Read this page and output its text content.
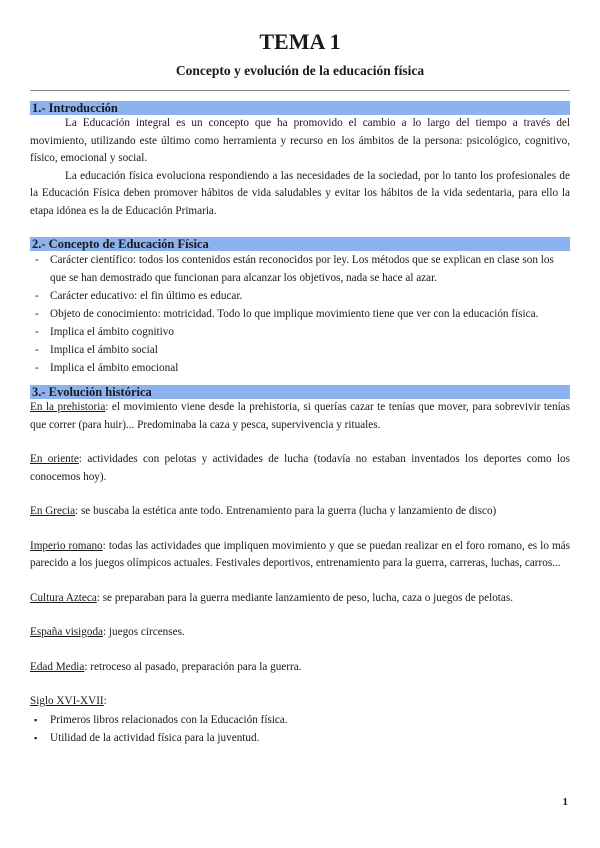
TEMA 1
Concepto y evolución de la educación física
1.- Introducción

La Educación integral es un concepto que ha promovido el cambio a lo largo del tiempo a través del movimiento, utilizando este último como herramienta y recurso en los ámbitos de la persona: psicológico, cognitivo, físico, emocional y social.

La educación física evoluciona respondiendo a las necesidades de la sociedad, por lo tanto los profesionales de la Educación Física deben promover hábitos de vida saludables y evitar los hábitos de la vida sedentaria, para ello la etapa idónea es la de Educación Primaria.

2.- Concepto de Educación Física
- Carácter científico: todos los contenidos están reconocidos por ley. Los métodos que se explican en clase son los que se han demostrado que funcionan para alcanzar los objetivos, nada se hace al azar.
- Carácter educativo: el fin último es educar.
- Objeto de conocimiento: motricidad. Todo lo que implique movimiento tiene que ver con la educación física.
- Implica el ámbito cognitivo
- Implica el ámbito social
- Implica el ámbito emocional
3.- Evolución histórica

En la prehistoria: el movimiento viene desde la prehistoria, si querías cazar te tenías que mover, para sobrevivir tenías que correr (para huir)... Predominaba la caza y pesca, supervivencia y rituales.

En oriente: actividades con pelotas y actividades de lucha (todavía no estaban inventados los deportes como los conocemos hoy).

En Grecia: se buscaba la estética ante todo. Entrenamiento para la guerra (lucha y lanzamiento de disco)

Imperio romano: todas las actividades que impliquen movimiento y que se puedan realizar en el foro romano, es lo más parecido a los juegos olímpicos actuales. Festivales deportivos, entrenamiento para la guerra, carreras, luchas, carros...

Cultura Azteca: se preparaban para la guerra mediante lanzamiento de peso, lucha, caza o juegos de pelotas.

España visigoda: juegos circenses.

Edad Media: retroceso al pasado, preparación para la guerra.

Siglo XVI-XVII:

▪ Primeros libros relacionados con la Educación física.
▪ Utilidad de la actividad física para la juventud.
1
